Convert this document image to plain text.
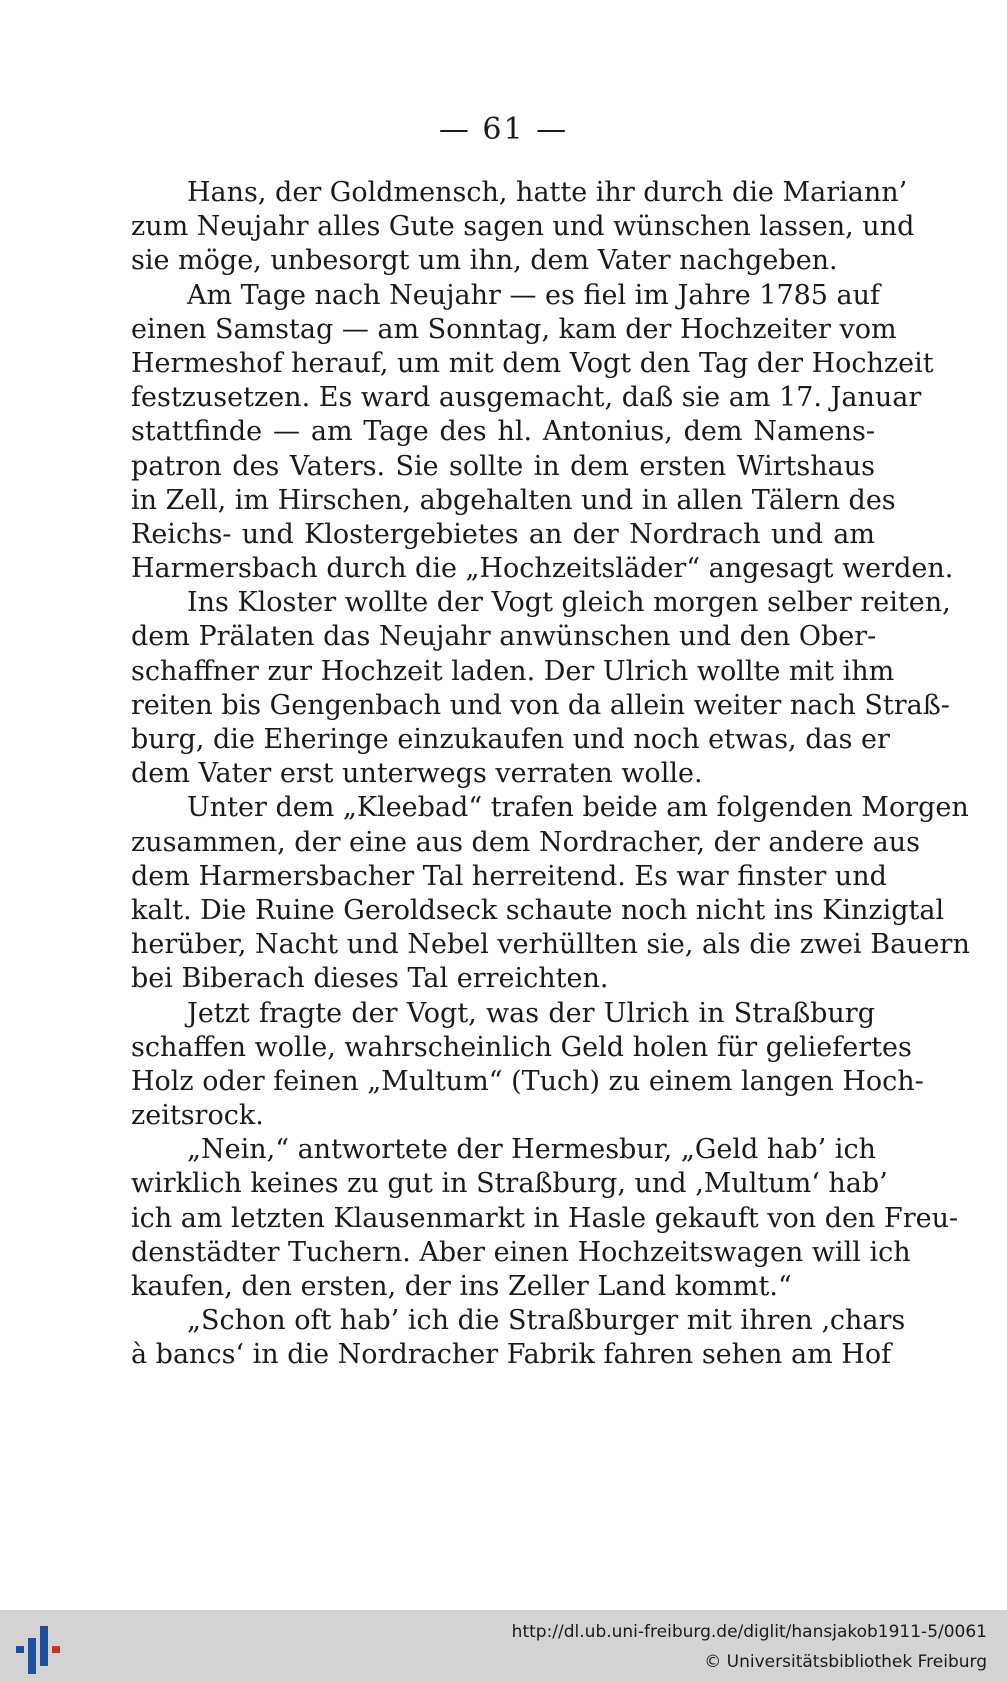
— 61 —
Hans, der Goldmensch, hatte ihr durch die Mariann’
zum Neujahr alles Gute sagen und wünschen lassen, und
sie möge, unbesorgt um ihn, dem Vater nachgeben.
Am Tage nach Neujahr — es fiel im Jahre 1785 auf
einen Samstag — am Sonntag, kam der Hochzeiter vom
Hermeshof herauf, um mit dem Vogt den Tag der Hochzeit
festzusetzen. Es ward ausgemacht, daß sie am 17. Januar
stattfinde — am Tage des hl. Antonius, dem Namens-
patron des Vaters. Sie sollte in dem ersten Wirtshaus
in Zell, im Hirschen, abgehalten und in allen Tälern des
Reichs- und Klostergebietes an der Nordrach und am
Harmersbach durch die „Hochzeitsläder“ angesagt werden.
Ins Kloster wollte der Vogt gleich morgen selber reiten,
dem Prälaten das Neujahr anwünschen und den Ober-
schaffner zur Hochzeit laden. Der Ulrich wollte mit ihm
reiten bis Gengenbach und von da allein weiter nach Straß-
burg, die Eheringe einzukaufen und noch etwas, das er
dem Vater erst unterwegs verraten wolle.
Unter dem „Kleebad“ trafen beide am folgenden Morgen
zusammen, der eine aus dem Nordracher, der andere aus
dem Harmersbacher Tal herreitend. Es war finster und
kalt. Die Ruine Geroldseck schaute noch nicht ins Kinzigtal
herüber, Nacht und Nebel verhüllten sie, als die zwei Bauern
bei Biberach dieses Tal erreichten.
Jetzt fragte der Vogt, was der Ulrich in Straßburg
schaffen wolle, wahrscheinlich Geld holen für geliefertes
Holz oder feinen „Multum“ (Tuch) zu einem langen Hoch-
zeitsrock.
„Nein,“ antwortete der Hermesbur, „Geld hab’ ich
wirklich keines zu gut in Straßburg, und ‚Multum‘ hab’
ich am letzten Klausenmarkt in Hasle gekauft von den Freu-
denstädter Tuchern. Aber einen Hochzeitswagen will ich
kaufen, den ersten, der ins Zeller Land kommt.“
„Schon oft hab’ ich die Straßburger mit ihren ‚chars
à bancs‘ in die Nordracher Fabrik fahren sehen am Hof
http://dl.ub.uni-freiburg.de/diglit/hansjakob1911-5/0061
© Universitätsbibliothek Freiburg
